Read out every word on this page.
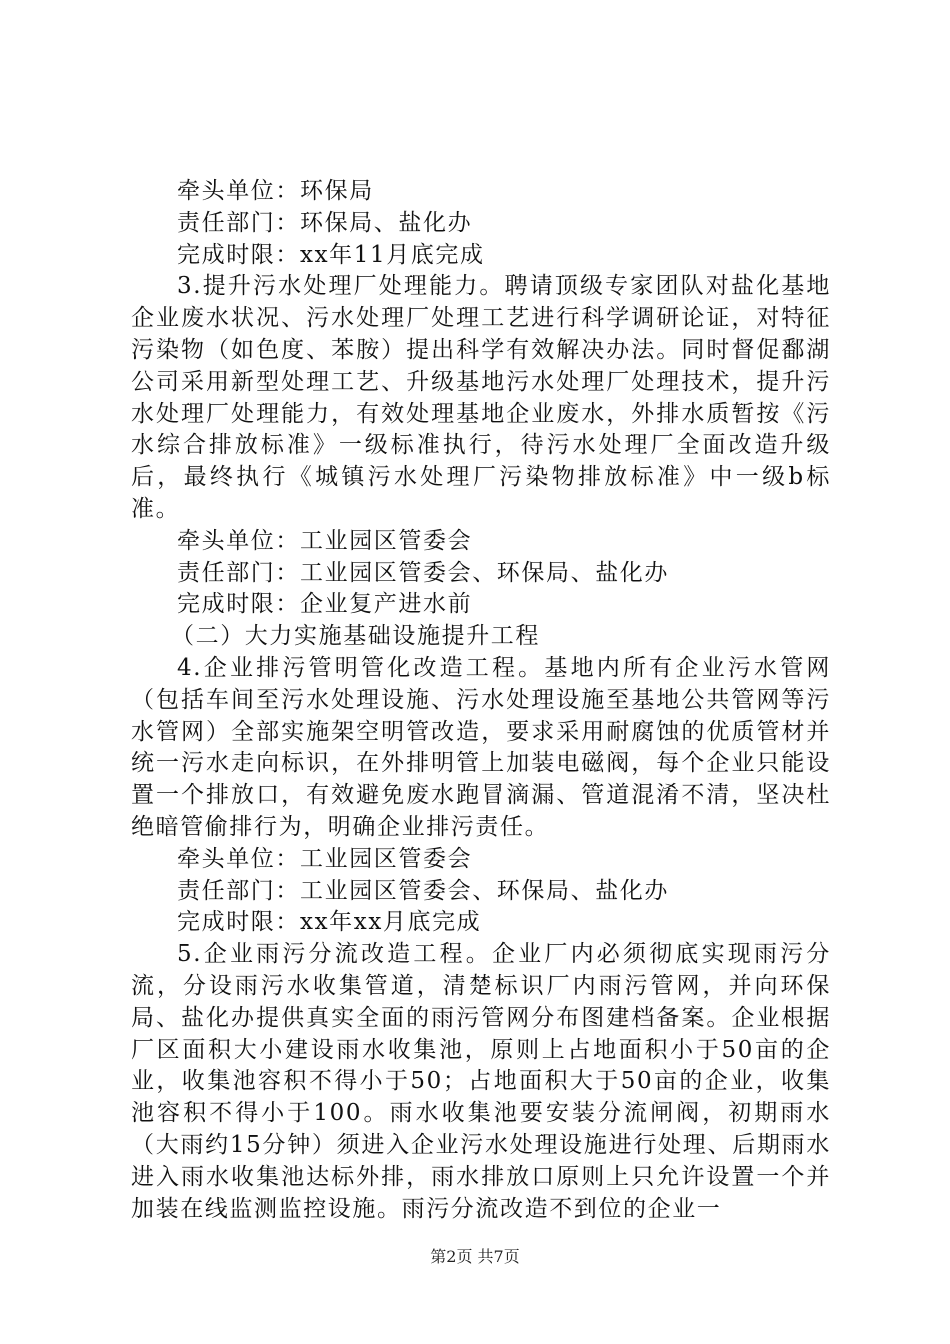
牵头单位：环保局

责任部门：环保局、盐化办

完成时限：xx年11月底完成

3.提升污水处理厂处理能力。聘请顶级专家团队对盐化基地企业废水状况、污水处理厂处理工艺进行科学调研论证，对特征污染物（如色度、苯胺）提出科学有效解决办法。同时督促鄱湖公司采用新型处理工艺、升级基地污水处理厂处理技术，提升污水处理厂处理能力，有效处理基地企业废水，外排水质暂按《污水综合排放标准》一级标准执行，待污水处理厂全面改造升级后，最终执行《城镇污水处理厂污染物排放标准》中一级b标准。

牵头单位：工业园区管委会

责任部门：工业园区管委会、环保局、盐化办

完成时限：企业复产进水前

（二）大力实施基础设施提升工程

4.企业排污管明管化改造工程。基地内所有企业污水管网（包括车间至污水处理设施、污水处理设施至基地公共管网等污水管网）全部实施架空明管改造，要求采用耐腐蚀的优质管材并统一污水走向标识，在外排明管上加装电磁阀，每个企业只能设置一个排放口，有效避免废水跑冒滴漏、管道混淆不清，坚决杜绝暗管偷排行为，明确企业排污责任。

牵头单位：工业园区管委会

责任部门：工业园区管委会、环保局、盐化办

完成时限：xx年xx月底完成

5.企业雨污分流改造工程。企业厂内必须彻底实现雨污分流，分设雨污水收集管道，清楚标识厂内雨污管网，并向环保局、盐化办提供真实全面的雨污管网分布图建档备案。企业根据厂区面积大小建设雨水收集池，原则上占地面积小于50亩的企业，收集池容积不得小于50；占地面积大于50亩的企业，收集池容积不得小于100。雨水收集池要安装分流闸阀，初期雨水（大雨约15分钟）须进入企业污水处理设施进行处理、后期雨水进入雨水收集池达标外排，雨水排放口原则上只允许设置一个并加装在线监测监控设施。雨污分流改造不到位的企业一

第2页 共7页
